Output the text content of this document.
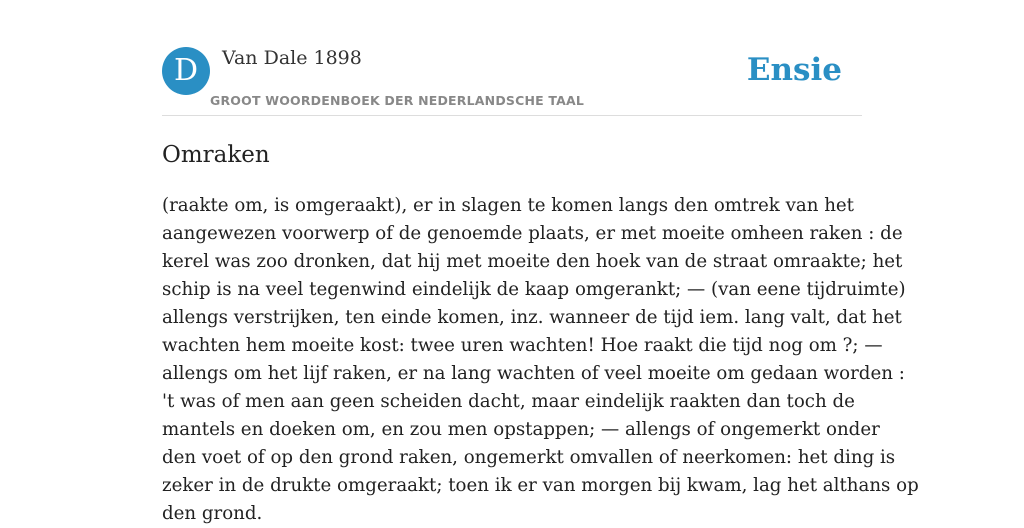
D	Van Dale 1898
GROOT WOORDENBOEK DER NEDERLANDSCHE TAAL
Ensie
Omraken
(raakte om, is omgeraakt), er in slagen te komen langs den omtrek van het
aangewezen voorwerp of de genoemde plaats, er met moeite omheen raken : de
kerel was zoo dronken, dat hij met moeite den hoek van de straat omraakte; het
schip is na veel tegenwind eindelijk de kaap omgerankt; — (van eene tijdruimte)
allengs verstrijken, ten einde komen, inz. wanneer de tijd iem. lang valt, dat het
wachten hem moeite kost: twee uren wachten! Hoe raakt die tijd nog om ?; —
allengs om het lijf raken, er na lang wachten of veel moeite om gedaan worden :
't was of men aan geen scheiden dacht, maar eindelijk raakten dan toch de
mantels en doeken om, en zou men opstappen; — allengs of ongemerkt onder
den voet of op den grond raken, ongemerkt omvallen of neerkomen: het ding is
zeker in de drukte omgeraakt; toen ik er van morgen bij kwam, lag het althans op
den grond.
